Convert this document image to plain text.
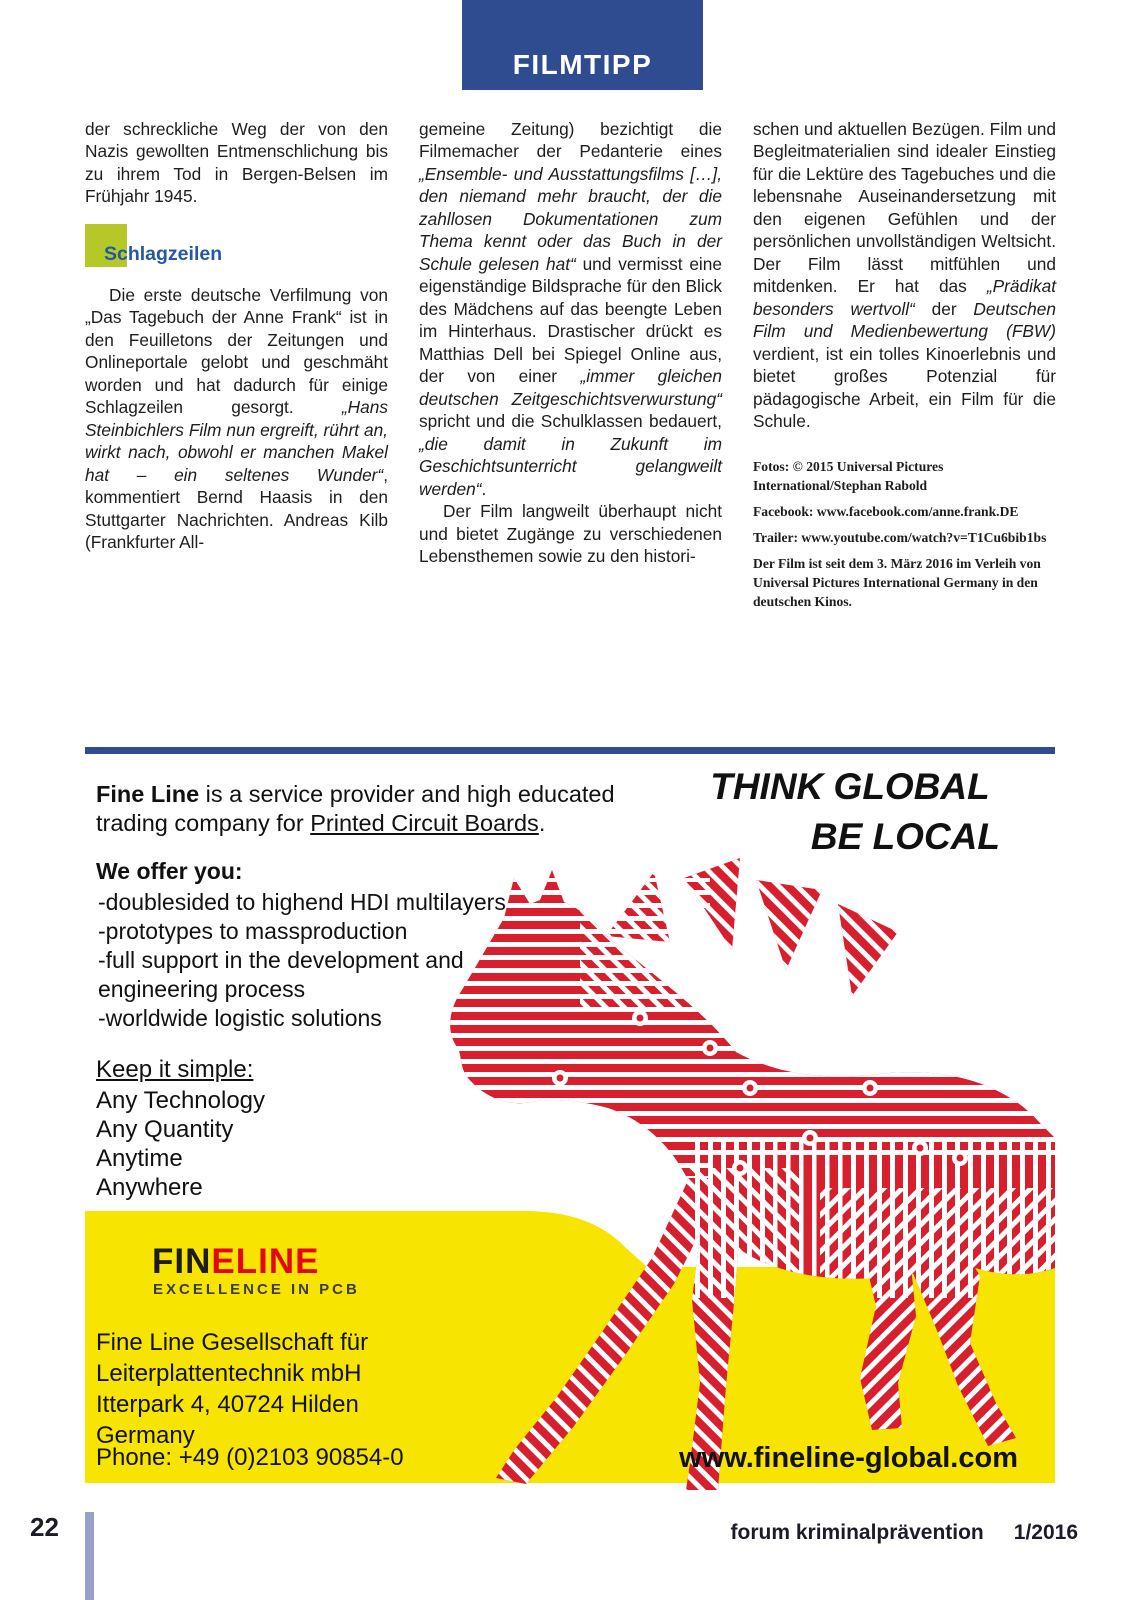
FILMTIPP

der schreckliche Weg der von den Nazis gewollten Entmenschlichung bis zu ihrem Tod in Bergen-Belsen im Frühjahr 1945.

Schlagzeilen

Die erste deutsche Verfilmung von „Das Tagebuch der Anne Frank“ ist in den Feuilletons der Zeitungen und Onlineportale gelobt und geschmäht worden und hat dadurch für einige Schlagzeilen gesorgt. „Hans Steinbichlers Film nun ergreift, rührt an, wirkt nach, obwohl er manchen Makel hat – ein seltenes Wunder“, kommentiert Bernd Haasis in den Stuttgarter Nachrichten. Andreas Kilb (Frankfurter All-

gemeine Zeitung) bezichtigt die Filmemacher der Pedanterie eines „Ensemble- und Ausstattungsfilms […], den niemand mehr braucht, der die zahllosen Dokumentationen zum Thema kennt oder das Buch in der Schule gelesen hat“ und vermisst eine eigenständige Bildsprache für den Blick des Mädchens auf das beengte Leben im Hinterhaus. Drastischer drückt es Matthias Dell bei Spiegel Online aus, der von einer „immer gleichen deutschen Zeitgeschichtsverwurstung“ spricht und die Schulklassen bedauert, „die damit in Zukunft im Geschichtsunterricht gelangweilt werden“.

Der Film langweilt überhaupt nicht und bietet Zugänge zu verschiedenen Lebensthemen sowie zu den histori-

schen und aktuellen Bezügen. Film und Begleitmaterialien sind idealer Einstieg für die Lektüre des Tagebuches und die lebensnahe Auseinandersetzung mit den eigenen Gefühlen und der persönlichen unvollständigen Weltsicht. Der Film lässt mitfühlen und mitdenken. Er hat das „Prädikat besonders wertvoll“ der Deutschen Film und Medienbewertung (FBW) verdient, ist ein tolles Kinoerlebnis und bietet großes Potenzial für pädagogische Arbeit, ein Film für die Schule.

Fotos: © 2015 Universal Pictures International/Stephan Rabold
Facebook: www.facebook.com/anne.frank.DE
Trailer: www.youtube.com/watch?v=T1Cu6bib1bs
Der Film ist seit dem 3. März 2016 im Verleih von Universal Pictures International Germany in den deutschen Kinos.
Fine Line is a service provider and high educated trading company for Printed Circuit Boards.
THINK GLOBAL
BE LOCAL
We offer you:
-doublesided to highend HDI multilayers
-prototypes to massproduction
-full support in the development and
engineering process
-worldwide logistic solutions
Keep it simple:
Any Technology
Any Quantity
Anytime
Anywhere
FINELINE
EXCELLENCE IN PCB
Fine Line Gesellschaft für
Leiterplattentechnik mbH
Itterpark 4, 40724 Hilden
Germany
Phone: +49 (0)2103 90854-0	www.fineline-global.com
22	forum kriminalprävention 1/2016
